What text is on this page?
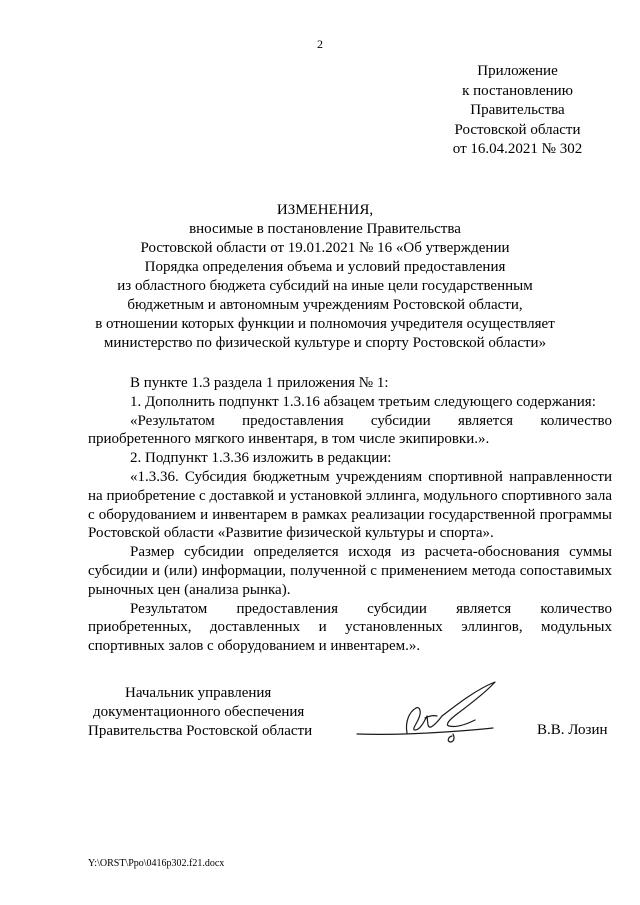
2
Приложение
к постановлению
Правительства
Ростовской области
от 16.04.2021 № 302
ИЗМЕНЕНИЯ,
вносимые в постановление Правительства
Ростовской области от 19.01.2021 № 16 «Об утверждении
Порядка определения объема и условий предоставления
из областного бюджета субсидий на иные цели государственным
бюджетным и автономным учреждениям Ростовской области,
в отношении которых функции и полномочия учредителя осуществляет
министерство по физической культуре и спорту Ростовской области»

В пункте 1.3 раздела 1 приложения № 1:

1. Дополнить подпункт 1.3.16 абзацем третьим следующего содержания:

«Результатом предоставления субсидии является количество приобретенного мягкого инвентаря, в том числе экипировки.».

2. Подпункт 1.3.36 изложить в редакции:

«1.3.36. Субсидия бюджетным учреждениям спортивной направленности на приобретение с доставкой и установкой эллинга, модульного спортивного зала с оборудованием и инвентарем в рамках реализации государственной программы Ростовской области «Развитие физической культуры и спорта».

Размер субсидии определяется исходя из расчета-обоснования суммы субсидии и (или) информации, полученной с применением метода сопоставимых рыночных цен (анализа рынка).

Результатом предоставления субсидии является количество приобретенных, доставленных и установленных эллингов, модульных спортивных залов с оборудованием и инвентарем.».

Начальник управления
документационного обеспечения
Правительства Ростовской области	В.В. Лозин
Y:\ORST\Ppo\0416p302.f21.docx
